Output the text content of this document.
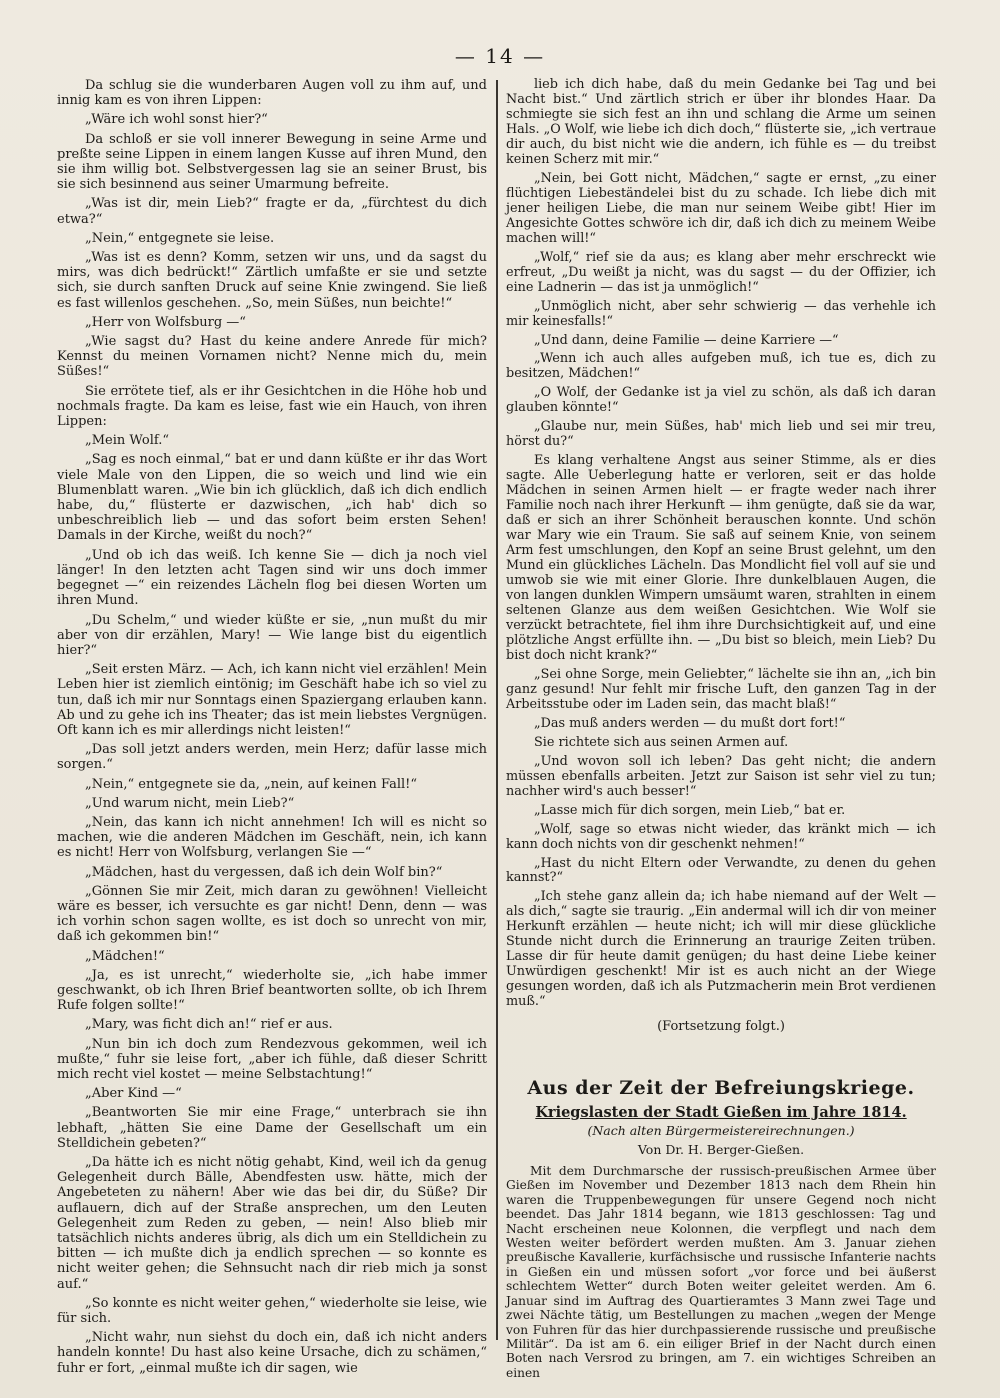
— 14 —

Da schlug sie die wunderbaren Augen voll zu ihm auf, und innig kam es von ihren Lippen:

„Wäre ich wohl sonst hier?“

Da schloß er sie voll innerer Bewegung in seine Arme und preßte seine Lippen in einem langen Kusse auf ihren Mund, den sie ihm willig bot. Selbstvergessen lag sie an seiner Brust, bis sie sich besinnend aus seiner Umarmung befreite.

„Was ist dir, mein Lieb?“ fragte er da, „fürchtest du dich etwa?“

„Nein,“ entgegnete sie leise.

„Was ist es denn? Komm, setzen wir uns, und da sagst du mirs, was dich bedrückt!“ Zärtlich umfaßte er sie und setzte sich, sie durch sanften Druck auf seine Knie zwingend. Sie ließ es fast willenlos geschehen. „So, mein Süßes, nun beichte!“

„Herr von Wolfsburg —“

„Wie sagst du? Hast du keine andere Anrede für mich? Kennst du meinen Vornamen nicht? Nenne mich du, mein Süßes!“

Sie errötete tief, als er ihr Gesichtchen in die Höhe hob und nochmals fragte. Da kam es leise, fast wie ein Hauch, von ihren Lippen:

„Mein Wolf.“

„Sag es noch einmal,“ bat er und dann küßte er ihr das Wort viele Male von den Lippen, die so weich und lind wie ein Blumenblatt waren. „Wie bin ich glücklich, daß ich dich endlich habe, du,“ flüsterte er dazwischen, „ich hab' dich so unbeschreiblich lieb — und das sofort beim ersten Sehen! Damals in der Kirche, weißt du noch?“

„Und ob ich das weiß. Ich kenne Sie — dich ja noch viel länger! In den letzten acht Tagen sind wir uns doch immer begegnet —“ ein reizendes Lächeln flog bei diesen Worten um ihren Mund.

„Du Schelm,“ und wieder küßte er sie, „nun mußt du mir aber von dir erzählen, Mary! — Wie lange bist du eigentlich hier?“

„Seit ersten März. — Ach, ich kann nicht viel erzählen! Mein Leben hier ist ziemlich eintönig; im Geschäft habe ich so viel zu tun, daß ich mir nur Sonntags einen Spaziergang erlauben kann. Ab und zu gehe ich ins Theater; das ist mein liebstes Vergnügen. Oft kann ich es mir allerdings nicht leisten!“

„Das soll jetzt anders werden, mein Herz; dafür lasse mich sorgen.“

„Nein,“ entgegnete sie da, „nein, auf keinen Fall!“

„Und warum nicht, mein Lieb?“

„Nein, das kann ich nicht annehmen! Ich will es nicht so machen, wie die anderen Mädchen im Geschäft, nein, ich kann es nicht! Herr von Wolfsburg, verlangen Sie —“

„Mädchen, hast du vergessen, daß ich dein Wolf bin?“

„Gönnen Sie mir Zeit, mich daran zu gewöhnen! Vielleicht wäre es besser, ich versuchte es gar nicht! Denn, denn — was ich vorhin schon sagen wollte, es ist doch so unrecht von mir, daß ich gekommen bin!“

„Mädchen!“

„Ja, es ist unrecht,“ wiederholte sie, „ich habe immer geschwankt, ob ich Ihren Brief beantworten sollte, ob ich Ihrem Rufe folgen sollte!“

„Mary, was ficht dich an!“ rief er aus.

„Nun bin ich doch zum Rendezvous gekommen, weil ich mußte,“ fuhr sie leise fort, „aber ich fühle, daß dieser Schritt mich recht viel kostet — meine Selbstachtung!“

„Aber Kind —“

„Beantworten Sie mir eine Frage,“ unterbrach sie ihn lebhaft, „hätten Sie eine Dame der Gesellschaft um ein Stelldichein gebeten?“

„Da hätte ich es nicht nötig gehabt, Kind, weil ich da genug Gelegenheit durch Bälle, Abendfesten usw. hätte, mich der Angebeteten zu nähern! Aber wie das bei dir, du Süße? Dir auflauern, dich auf der Straße ansprechen, um den Leuten Gelegenheit zum Reden zu geben, — nein! Also blieb mir tatsächlich nichts anderes übrig, als dich um ein Stelldichein zu bitten — ich mußte dich ja endlich sprechen — so konnte es nicht weiter gehen; die Sehnsucht nach dir rieb mich ja sonst auf.“

„So konnte es nicht weiter gehen,“ wiederholte sie leise, wie für sich.

„Nicht wahr, nun siehst du doch ein, daß ich nicht anders handeln konnte! Du hast also keine Ursache, dich zu schämen,“ fuhr er fort, „einmal mußte ich dir sagen, wie

lieb ich dich habe, daß du mein Gedanke bei Tag und bei Nacht bist.“ Und zärtlich strich er über ihr blondes Haar. Da schmiegte sie sich fest an ihn und schlang die Arme um seinen Hals. „O Wolf, wie liebe ich dich doch,“ flüsterte sie, „ich vertraue dir auch, du bist nicht wie die andern, ich fühle es — du treibst keinen Scherz mit mir.“

„Nein, bei Gott nicht, Mädchen,“ sagte er ernst, „zu einer flüchtigen Liebeständelei bist du zu schade. Ich liebe dich mit jener heiligen Liebe, die man nur seinem Weibe gibt! Hier im Angesichte Gottes schwöre ich dir, daß ich dich zu meinem Weibe machen will!“

„Wolf,“ rief sie da aus; es klang aber mehr erschreckt wie erfreut, „Du weißt ja nicht, was du sagst — du der Offizier, ich eine Ladnerin — das ist ja unmöglich!“

„Unmöglich nicht, aber sehr schwierig — das verhehle ich mir keinesfalls!“

„Und dann, deine Familie — deine Karriere —“

„Wenn ich auch alles aufgeben muß, ich tue es, dich zu besitzen, Mädchen!“

„O Wolf, der Gedanke ist ja viel zu schön, als daß ich daran glauben könnte!“

„Glaube nur, mein Süßes, hab' mich lieb und sei mir treu, hörst du?“

Es klang verhaltene Angst aus seiner Stimme, als er dies sagte. Alle Ueberlegung hatte er verloren, seit er das holde Mädchen in seinen Armen hielt — er fragte weder nach ihrer Familie noch nach ihrer Herkunft — ihm genügte, daß sie da war, daß er sich an ihrer Schönheit berauschen konnte. Und schön war Mary wie ein Traum. Sie saß auf seinem Knie, von seinem Arm fest umschlungen, den Kopf an seine Brust gelehnt, um den Mund ein glückliches Lächeln. Das Mondlicht fiel voll auf sie und umwob sie wie mit einer Glorie. Ihre dunkelblauen Augen, die von langen dunklen Wimpern umsäumt waren, strahlten in einem seltenen Glanze aus dem weißen Gesichtchen. Wie Wolf sie verzückt betrachtete, fiel ihm ihre Durchsichtigkeit auf, und eine plötzliche Angst erfüllte ihn. — „Du bist so bleich, mein Lieb? Du bist doch nicht krank?“

„Sei ohne Sorge, mein Geliebter,“ lächelte sie ihn an, „ich bin ganz gesund! Nur fehlt mir frische Luft, den ganzen Tag in der Arbeitsstube oder im Laden sein, das macht blaß!“

„Das muß anders werden — du mußt dort fort!“

Sie richtete sich aus seinen Armen auf.

„Und wovon soll ich leben? Das geht nicht; die andern müssen ebenfalls arbeiten. Jetzt zur Saison ist sehr viel zu tun; nachher wird's auch besser!“

„Lasse mich für dich sorgen, mein Lieb,“ bat er.

„Wolf, sage so etwas nicht wieder, das kränkt mich — ich kann doch nichts von dir geschenkt nehmen!“

„Hast du nicht Eltern oder Verwandte, zu denen du gehen kannst?“

„Ich stehe ganz allein da; ich habe niemand auf der Welt — als dich,“ sagte sie traurig. „Ein andermal will ich dir von meiner Herkunft erzählen — heute nicht; ich will mir diese glückliche Stunde nicht durch die Erinnerung an traurige Zeiten trüben. Lasse dir für heute damit genügen; du hast deine Liebe keiner Unwürdigen geschenkt! Mir ist es auch nicht an der Wiege gesungen worden, daß ich als Putzmacherin mein Brot verdienen muß.“

(Fortsetzung folgt.)
Aus der Zeit der Befreiungskriege.
Kriegslasten der Stadt Gießen im Jahre 1814.
(Nach alten Bürgermeistereirechnungen.)
Von Dr. H. Berger-Gießen.

Mit dem Durchmarsche der russisch-preußischen Armee über Gießen im November und Dezember 1813 nach dem Rhein hin waren die Truppenbewegungen für unsere Gegend noch nicht beendet. Das Jahr 1814 begann, wie 1813 geschlossen: Tag und Nacht erscheinen neue Kolonnen, die verpflegt und nach dem Westen weiter befördert werden mußten. Am 3. Januar ziehen preußische Kavallerie, kurfächsische und russische Infanterie nachts in Gießen ein und müssen sofort „vor force und bei äußerst schlechtem Wetter“ durch Boten weiter geleitet werden. Am 6. Januar sind im Auftrag des Quartieramtes 3 Mann zwei Tage und zwei Nächte tätig, um Bestellungen zu machen „wegen der Menge von Fuhren für das hier durchpassierende russische und preußische Militär“. Da ist am 6. ein eiliger Brief in der Nacht durch einen Boten nach Versrod zu bringen, am 7. ein wichtiges Schreiben an einen
